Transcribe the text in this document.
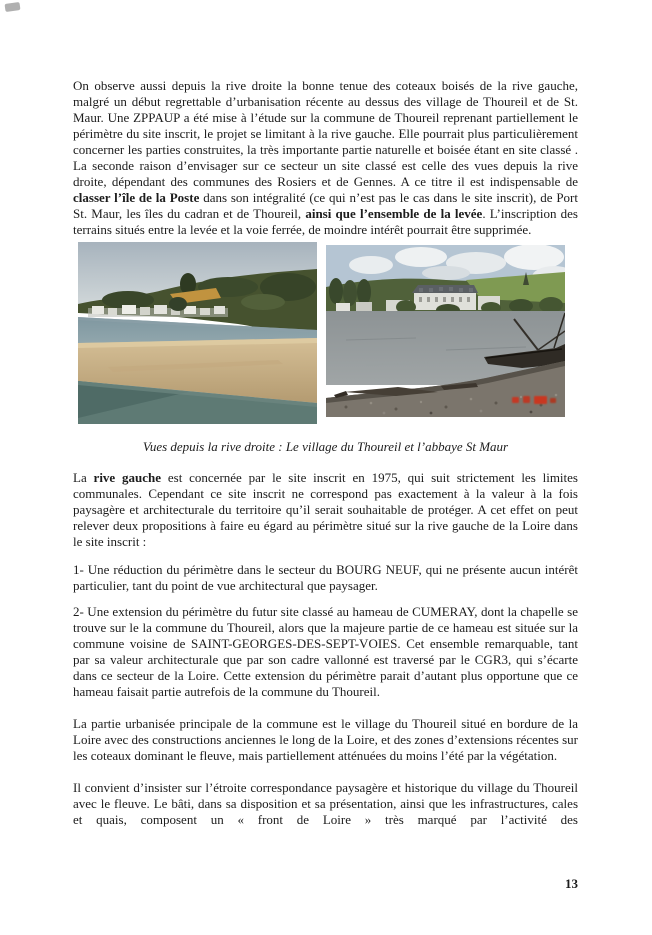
On observe aussi depuis la rive droite la bonne tenue des coteaux boisés de la rive gauche, malgré un début regrettable d’urbanisation récente au dessus des village de Thoureil et de St. Maur. Une ZPPAUP a été mise à l’étude sur la commune de Thoureil reprenant partiellement le périmètre du site inscrit, le projet se limitant à la rive gauche. Elle pourrait plus particulièrement concerner les parties construites, la très importante partie naturelle et boisée étant en site classé . La seconde raison d’envisager sur ce secteur un site classé est celle des vues depuis la rive droite, dépendant des communes des Rosiers et de Gennes. A ce titre il est indispensable de classer l’île de la Poste dans son intégralité (ce qui n’est pas le cas dans le site inscrit), de Port St. Maur, les îles du cadran et de Thoureil, ainsi que l’ensemble de la levée. L’inscription des terrains situés entre la levée et la voie ferrée, de moindre intérêt pourrait être supprimée.

Vues depuis la rive droite : Le village du Thoureil et l’abbaye St Maur

La rive gauche est concernée par le site inscrit en 1975, qui suit strictement les limites communales. Cependant ce site inscrit ne correspond pas exactement à la valeur à la fois paysagère et architecturale du territoire qu’il serait souhaitable de protéger. A cet effet on peut relever deux propositions à faire eu égard au périmètre situé sur la rive gauche de la Loire dans le site inscrit :

1- Une réduction du périmètre dans le secteur du BOURG NEUF, qui ne présente aucun intérêt particulier, tant du point de vue architectural que paysager.

2- Une extension du périmètre du futur site classé au hameau de CUMERAY, dont la chapelle se trouve sur le la commune du Thoureil, alors que la majeure partie de ce hameau est située sur la commune voisine de SAINT-GEORGES-DES-SEPT-VOIES. Cet ensemble remarquable, tant par sa valeur architecturale que par son cadre vallonné est traversé par le CGR3, qui s’écarte dans ce secteur de la Loire. Cette extension du périmètre parait d’autant plus opportune que ce hameau faisait partie autrefois de la commune du Thoureil.

La partie urbanisée principale de la commune est le village du Thoureil situé en bordure de la Loire avec des constructions anciennes le long de la Loire, et des zones d’extensions récentes sur les coteaux dominant le fleuve, mais partiellement atténuées du moins l’été par la végétation.

Il convient d’insister sur l’étroite correspondance paysagère et historique du village du Thoureil avec le fleuve. Le bâti, dans sa disposition et sa présentation, ainsi que les infrastructures, cales et quais, composent un « front de Loire » très marqué par l’activité des

13
